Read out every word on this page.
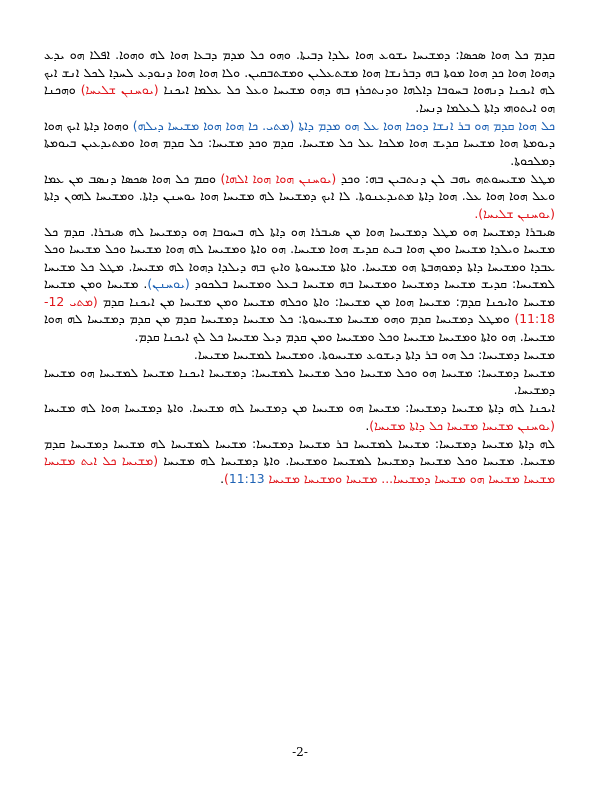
ܩܕܡ ܟܠ ܗܘܐ ܣܟܣܐ: ܕܡܫܝܚܐ ܝܫܘܥ ܗܘܐ ܝܠܕܐ ܕܒܝܬܐ. ܘܗܘ ܟܠ ܡܕܡ ܕܒܥܐ ܗܘܐ ܠܗ ܘܗܘܐ. ܐܦܠܐ ܗܘ ܝܕܥ ܕܗܘܐ ܗܘܐ ܟܕ ܗܘܐ ܡܘܬܐ ܒܗ ܕܒܪܢܫܐ ܗܘܐ ܡܫܬܥܠܝܢ ܘܡܫܬܒܩܝܢ. ܘܠܐ ܗܘܐ ܗܘܐ ܕܢܘܕܥ ܠܚܕܐ ܠܟܠ ܐܢܫ ܐܝܟ ܠܗ ܐܝܟܢܐ ܕܢܗܘܐ ܒܚܘܒܐ ܕܐܠܗܐ ܘܕܢܬܟܪܙ ܒܗ ܕܗܘ ܡܫܝܚܐ ܘܥܠ ܟܠ ܥܠܡܐ ܐܝܟܢܐ (ܝܘܚܢܢ ܫܠܝܚܐ) ܘܗܟܢܐ ܗܘ ܐܝܬܘܗܝ ܕܐܬܐ ܠܥܠܡܐ ܕܢܚܐ.

ܟܠ ܗܘܐ ܩܕܡ ܗܘ ܒܪ ܐܢܫܐ ܕܘܟܐ ܗܘܐ ܥܠ ܗܘ ܡܕܡ ܕܐܬܐ (ܡܬܝ. ܟܐ ܗܘܐ ܗܘܐ ܡܫܝܚܐ ܕܝܠܗ) ܘܗܘܐ ܕܐܬܐ ܐܝܟ ܗܘܐ ܕܝܘܡܬܐ ܗܘܐ ܡܫܝܚܐ ܩܕܝܫ ܗܘܐ ܡܠܟܐ ܥܠ ܟܠ ܡܫܝܚܐ. ܩܕܡ ܘܟܕ ܡܫܝܚܐ: ܟܠ ܩܕܡ ܗܘܐ ܘܡܬܝܕܥܝܢ ܒܝܘܡܬܐ ܕܡܠܟܘܬܐ.

ܡܛܠ ܡܫܝܚܘܬܗ ܝܗܒ ܠܢ ܕܢܬܒܝܢ ܒܗ: ܘܟܕ (ܝܘܚܢܢ ܗܘܐ ܗܘܐ ܐܠܗܐ) ܘܩܡ ܟܠ ܗܘܐ ܣܟܣܐ ܕܢܣܒ ܡܢ ܥܡܐ ܘܥܠ ܗܘܐ ܗܘܐ ܥܠ. ܗܘܐ ܕܐܬܐ ܡܬܝܕܥܢܘܬܐ. ܠܐ ܐܝܟ ܕܡܫܝܚܐ ܠܗ ܡܫܝܚܐ ܗܘܐ ܝܘܚܢܢ ܕܐܬܐ. ܘܡܫܝܚܐ ܠܗܘܢ ܕܐܬܐ (ܝܘܚܢܢ ܫܠܝܚܐ).

ܣܝܒܪܐ ܕܡܫܝܚܐ ܗܘ ܡܛܠ ܕܡܫܝܚܐ ܗܘܐ ܡܢ ܣܝܒܪܐ ܗܘ ܕܐܬܐ ܠܗ ܒܚܘܒܐ ܗܘ ܕܡܫܝܚܐ ܠܗ ܣܝܒܪܐ. ܩܕܡ ܟܠ ܡܫܝܚܐ ܘܝܠܕܐ ܡܫܝܚܐ ܘܡܢ ܗܘܐ ܒܝܬ ܩܕܝܫ ܗܘܐ ܡܫܝܚܐ. ܗܘ ܘܐܬܐ ܘܡܫܝܚܐ ܠܗ ܗܘܐ ܡܫܝܚܐ ܘܟܠ ܡܫܝܚܐ ܘܟܠ ܥܒܕܐ ܘܡܫܝܚܐ ܕܐܬܐ ܕܡܘܗܒܬܐ ܗܘ ܡܫܝܚܐ. ܘܐܬܐ ܡܫܝܚܘܬܐ ܘܐܝܟ ܒܗ ܕܝܠܕܐ ܕܗܘܐ ܠܗ ܡܫܝܚܐ. ܡܛܠ ܟܠ ܡܫܝܚܐ ܠܡܫܝܚܐ: ܩܕܝܫ ܡܫܝܚܐ ܕܡܫܝܚܐ ܘܡܫܝܚܐ ܒܗ ܡܫܝܚܐ ܒܥܠ ܘܡܫܝܚܐ ܒܠܟܘܕ (ܝܘܚܢܢ). ܡܫܝܚܐ ܘܡܢ ܡܫܝܚܐ ܡܫܝܚܐ ܘܐܝܟܢܐ ܩܕܡ: ܡܫܝܚܐ ܗܘܐ ܡܢ ܡܫܝܚܐ: ܘܐܬܐ ܘܟܠܗ ܡܫܝܚܐ ܘܡܢ ܡܫܝܚܐ ܡܢ ܐܝܟܢܐ ܩܕܡ (ܡܬܝ 12-11:18) ܘܡܛܠ ܕܡܫܝܚܐ ܩܕܡ ܘܗܘ ܡܫܝܚܐ ܡܫܝܚܘܬܐ: ܟܠ ܡܫܝܚܐ ܕܡܫܝܚܐ ܩܕܡ ܡܢ ܩܕܡ ܕܡܫܝܚܐ ܠܗ ܗܘܐ ܡܫܝܚܐ. ܗܘ ܘܐܬܐ ܘܡܫܝܚܐ ܡܫܝܚܐ ܘܟܠ ܘܡܫܝܚܐ ܘܡܢ ܩܕܡ ܕܝܠ ܡܫܝܚܐ ܟܠ ܠܟ ܐܝܟܢܐ ܩܕܡ.

ܡܫܝܚܐ ܕܡܫܝܚܐ: ܟܠ ܗܘ ܒܪ ܕܐܬܐ ܕܝܫܘܥ ܡܫܝܚܘܬܐ. ܘܡܫܝܚܐ ܠܡܫܝܚܐ ܡܫܝܚܐ.

ܡܫܝܚܐ ܕܡܫܝܚܐ: ܡܫܝܚܐ ܗܘ ܘܟܠ ܡܫܝܚܐ ܘܟܠ ܡܫܝܚܐ ܠܡܫܝܚܐ: ܕܡܫܝܚܐ ܐܝܟܢܐ ܡܫܝܚܐ ܠܡܫܝܚܐ ܗܘ ܡܫܝܚܐ ܕܡܫܝܚܐ.

ܐܝܟܢܐ ܠܗ ܕܐܬܐ ܡܫܝܚܐ ܕܡܫܝܚܐ: ܡܫܝܚܐ ܗܘ ܡܫܝܚܐ ܡܢ ܕܡܫܝܚܐ ܠܗ ܡܫܝܚܐ. ܘܐܬܐ ܕܡܫܝܚܐ ܗܘܐ ܠܗ ܡܫܝܚܐ (ܝܘܚܢܢ ܡܫܝܚܐ ܡܫܝܚܐ ܟܠ ܕܐܬܐ ܡܫܝܚܐ).

ܠܗ ܕܐܬܐ ܡܫܝܚܐ ܕܡܫܝܚܐ: ܡܫܝܚܐ ܠܡܫܝܚܐ ܒܪ ܡܫܝܚܐ ܕܡܫܝܚܐ: ܡܫܝܚܐ ܠܡܫܝܚܐ ܠܗ ܡܫܝܚܐ ܕܡܫܝܚܐ ܩܕܡ ܡܫܝܚܐ. ܡܫܝܚܐ ܘܟܠ ܡܫܝܚܐ ܕܡܫܝܚܐ ܠܡܫܝܚܐ ܘܡܫܝܚܐ. ܘܐܬܐ ܕܡܫܝܚܐ ܠܗ ܡܫܝܚܐ (ܡܫܝܚܐ ܟܠ ܐܝܬ ܡܫܝܚܐ ܡܫܝܚܐ ܡܫܝܚܐ ܗܘ ܡܫܝܚܐ ܕܡܫܝܚܐ... ܡܫܝܚܐ ܘܡܫܝܚܐ ܡܫܝܚܐ 11:13).

-2-
